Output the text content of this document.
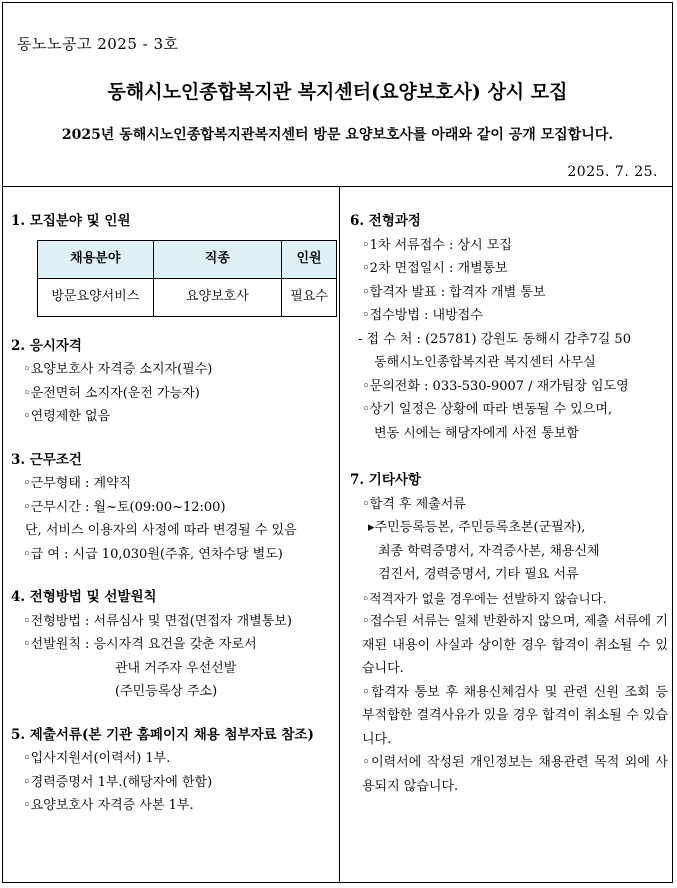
동노노공고 2025 - 3호
동해시노인종합복지관 복지센터(요양보호사) 상시 모집
2025년 동해시노인종합복지관복지센터 방문 요양보호사를 아래와 같이 공개 모집합니다.
2025. 7. 25.
1. 모집분야 및 인원
채용분야	직종	인원
방문요양서비스	요양보호사	필요수
2. 응시자격
◦요양보호사 자격증 소지자(필수)
◦운전면허 소지자(운전 가능자)
◦연령제한 없음
3. 근무조건
◦근무형태 : 계약직
◦근무시간 : 월~토(09:00~12:00)
단, 서비스 이용자의 사정에 따라 변경될 수 있음
◦급 여 : 시급 10,030원(주휴, 연차수당 별도)
4. 전형방법 및 선발원칙
◦전형방법 : 서류심사 및 면접(면접자 개별통보)
◦선발원칙 : 응시자격 요건을 갖춘 자로서
관내 거주자 우선선발
(주민등록상 주소)
5. 제출서류(본 기관 홈페이지 채용 첨부자료 참조)
◦입사지원서(이력서) 1부.
◦경력증명서 1부.(해당자에 한함)
◦요양보호사 자격증 사본 1부.
6. 전형과정
◦1차 서류접수 : 상시 모집
◦2차 면접일시 : 개별통보
◦합격자 발표 : 합격자 개별 통보
◦접수방법 : 내방접수
- 접 수 처 : (25781) 강원도 동해시 감추7길 50
동해시노인종합복지관 복지센터 사무실
◦문의전화 : 033-530-9007 / 재가팀장 임도영
◦상기 일정은 상황에 따라 변동될 수 있으며,
변동 시에는 해당자에게 사전 통보함
7. 기타사항
◦합격 후 제출서류
▸주민등록등본, 주민등록초본(군필자),
최종 학력증명서, 자격증사본, 채용신체
검진서, 경력증명서, 기타 필요 서류
◦적격자가 없을 경우에는 선발하지 않습니다.
◦접수된 서류는 일체 반환하지 않으며, 제출 서류에 기재된 내용이 사실과 상이한 경우 합격이 취소될 수 있습니다.
◦합격자 통보 후 채용신체검사 및 관련 신원 조회 등 부적합한 결격사유가 있을 경우 합격이 취소될 수 있습니다.
◦이력서에 작성된 개인정보는 채용관련 목적 외에 사용되지 않습니다.
